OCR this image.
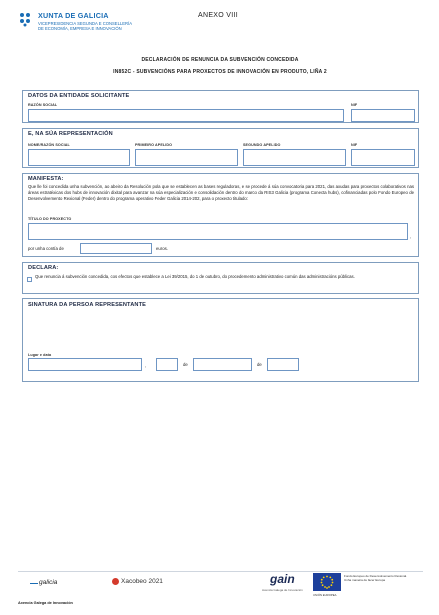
XUNTA DE GALICIA
VICEPRESIDENCIA SEGUNDA E CONSELLERÍA DE ECONOMÍA, EMPRESA E INNOVACIÓN
ANEXO VIII
DECLARACIÓN DE RENUNCIA DA SUBVENCIÓN CONCEDIDA
IN852C - SUBVENCIÓNS PARA PROXECTOS DE INNOVACIÓN EN PRODUTO, LIÑA 2
DATOS DA ENTIDADE SOLICITANTE
RAZÓN SOCIAL	NIF
E, NA SÚA REPRESENTACIÓN
NOME/RAZÓN SOCIAL	PRIMEIRO APELIDO	SEGUNDO APELIDO	NIF
MANIFESTA:
Que lle foi concedida unha subvención, ao abeiro da Resolución pola que se establecen as bases reguladoras, e se procede á súa convocatoria para 2021, das axudas para proxectos colaborativos nas áreas estratéxicas dos hubs de innovación dixital para avanzar na súa especialización e consolidación dentro do marco da RIS3 Galicia (programa Conecta hubs), cofinanciadas polo Fondo Europeo de Desenvolvemento Rexional (Feder) dentro do programa operativo Feder Galicia 2014-202, para o proxecto titulado:
TÍTULO DO PROXECTO
,
por unha contía de	euros.
DECLARA:
Que renuncia á subvención concedida, cos efectos que establece a Lei 39/2015, do 1 de outubro, do procedemento administrativo común das administracións públicas.
SINATURA DA PERSOA REPRESENTANTE
Lugar e data
,	de	de
galicia	Xacobeo 2021	gain
Axencia Galega de Innovación
Fondo Europeo de Desenvolvemento Rexional. Unha maneira de facer Europa
UNIÓN EUROPEA
Axencia Galega de Innovación
